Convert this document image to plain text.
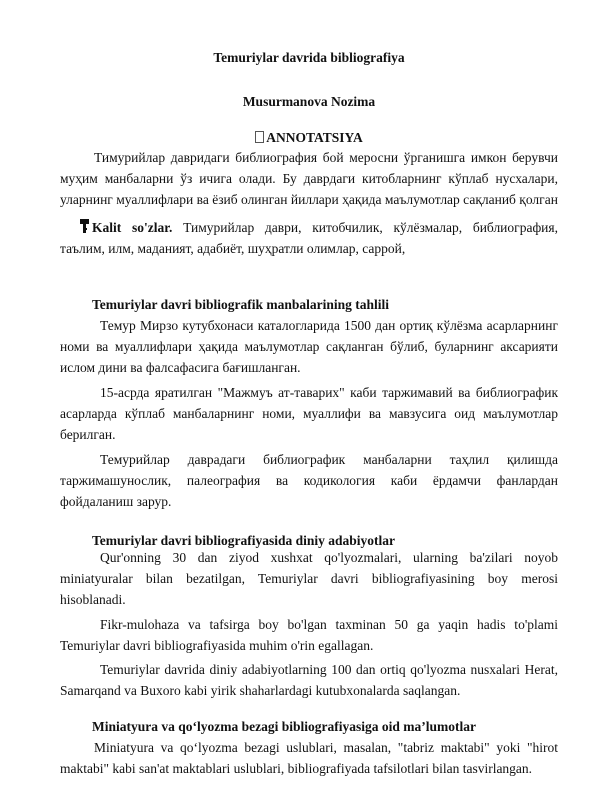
Temuriylar davrida bibliografiya
Musurmanova Nozima
ANNOTATSIYA
Тимурийлар давридаги библиография бой меросни ўрганишга имкон берувчи муҳим манбаларни ўз ичига олади. Бу даврдаги китобларнинг кўплаб нусхалари, уларнинг муаллифлари ва ёзиб олинган йиллари ҳақида маълумотлар сақланиб қолган
Kalit so'zlar. Тимурийлар даври, китобчилик, кўлёзмалар, библиография, таълим, илм, маданият, адабиёт, шуҳратли олимлар, саррой,
Temuriylar davri bibliografik manbalarining tahlili
Темур Мирзо кутубхонаси каталогларида 1500 дан ортиқ кўлёзма асарларнинг номи ва муаллифлари ҳақида маълумотлар сақланган бўлиб, буларнинг аксарияти ислом дини ва фалсафасига бағишланган.
15-асрда яратилган "Мажмуъ ат-таварих" каби таржимавий ва библиографик асарларда кўплаб манбаларнинг номи, муаллифи ва мавзусига оид маълумотлар берилган.
Темурийлар даврадаги библиографик манбаларни таҳлил қилишда таржимашунослик, палеография ва кодикология каби ёрдамчи фанлардан фойдаланиш зарур.
Temuriylar davri bibliografiyasida diniy adabiyotlar
Qur'onning 30 dan ziyod xushxat qo'lyozmalari, ularning ba'zilari noyob miniatyuralar bilan bezatilgan, Temuriylar davri bibliografiyasining boy merosi hisoblanadi.
Fikr-mulohaza va tafsirga boy bo'lgan taxminan 50 ga yaqin hadis to'plami Temuriylar davri bibliografiyasida muhim o'rin egallagan.
Temuriylar davrida diniy adabiyotlarning 100 dan ortiq qo'lyozma nusxalari Herat, Samarqand va Buxoro kabi yirik shaharlardagi kutubxonalarda saqlangan.
Miniatyura va qo‘lyozma bezagi bibliografiyasiga oid ma’lumotlar
Miniatyura va qo‘lyozma bezagi uslublari, masalan, "tabriz maktabi" yoki "hirot maktabi" kabi san'at maktablari uslublari, bibliografiyada tafsilotlari bilan tasvirlangan.
